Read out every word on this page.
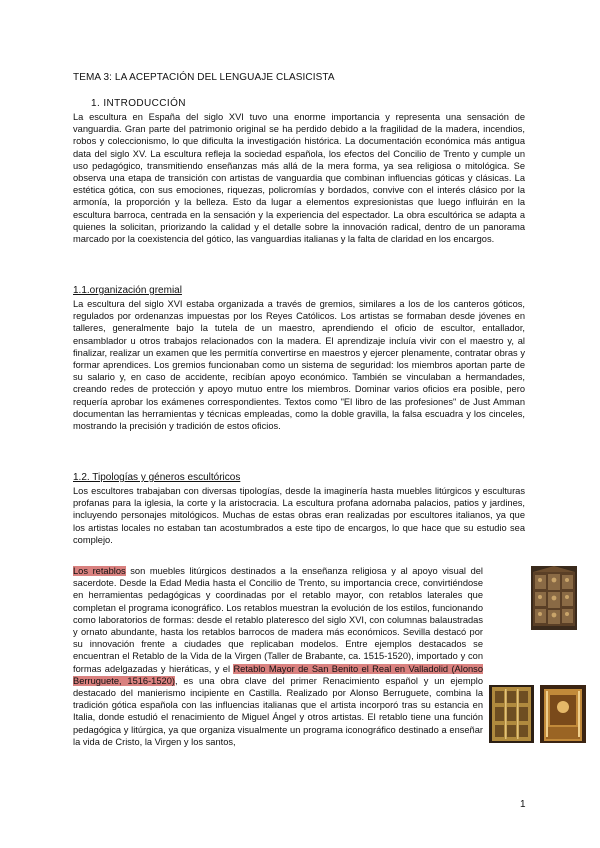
TEMA 3: LA ACEPTACIÓN DEL LENGUAJE CLASICISTA
1. INTRODUCCIÓN

La escultura en España del siglo XVI tuvo una enorme importancia y representa una sensación de vanguardia. Gran parte del patrimonio original se ha perdido debido a la fragilidad de la madera, incendios, robos y coleccionismo, lo que dificulta la investigación histórica. La documentación económica más antigua data del siglo XV. La escultura refleja la sociedad española, los efectos del Concilio de Trento y cumple un uso pedagógico, transmitiendo enseñanzas más allá de la mera forma, ya sea religiosa o mitológica. Se observa una etapa de transición con artistas de vanguardia que combinan influencias góticas y clásicas. La estética gótica, con sus emociones, riquezas, policromías y bordados, convive con el interés clásico por la armonía, la proporción y la belleza. Esto da lugar a elementos expresionistas que luego influirán en la escultura barroca, centrada en la sensación y la experiencia del espectador. La obra escultórica se adapta a quienes la solicitan, priorizando la calidad y el detalle sobre la innovación radical, dentro de un panorama marcado por la coexistencia del gótico, las vanguardias italianas y la falta de claridad en los encargos.

1.1.organización gremial

La escultura del siglo XVI estaba organizada a través de gremios, similares a los de los canteros góticos, regulados por ordenanzas impuestas por los Reyes Católicos. Los artistas se formaban desde jóvenes en talleres, generalmente bajo la tutela de un maestro, aprendiendo el oficio de escultor, entallador, ensamblador u otros trabajos relacionados con la madera. El aprendizaje incluía vivir con el maestro y, al finalizar, realizar un examen que les permitía convertirse en maestros y ejercer plenamente, contratar obras y formar aprendices. Los gremios funcionaban como un sistema de seguridad: los miembros aportan parte de su salario y, en caso de accidente, recibían apoyo económico. También se vinculaban a hermandades, creando redes de protección y apoyo mutuo entre los miembros. Dominar varios oficios era posible, pero requería aprobar los exámenes correspondientes. Textos como "El libro de las profesiones" de Just Amman documentan las herramientas y técnicas empleadas, como la doble gravilla, la falsa escuadra y los cinceles, mostrando la precisión y tradición de estos oficios.

1.2. Tipologías y géneros escultóricos

Los escultores trabajaban con diversas tipologías, desde la imaginería hasta muebles litúrgicos y esculturas profanas para la iglesia, la corte y la aristocracia. La escultura profana adornaba palacios, patios y jardines, incluyendo personajes mitológicos. Muchas de estas obras eran realizadas por escultores italianos, ya que los artistas locales no estaban tan acostumbrados a este tipo de encargos, lo que hace que su estudio sea complejo.

Los retablos son muebles litúrgicos destinados a la enseñanza religiosa y al apoyo visual del sacerdote. Desde la Edad Media hasta el Concilio de Trento, su importancia crece, convirtiéndose en herramientas pedagógicas y coordinadas por el retablo mayor, con retablos laterales que completan el programa iconográfico. Los retablos muestran la evolución de los estilos, funcionando como laboratorios de formas: desde el retablo plateresco del siglo XVI, con columnas balaustradas y ornato abundante, hasta los retablos barrocos de madera más económicos. Sevilla destacó por su innovación frente a ciudades que replicaban modelos. Entre ejemplos destacados se encuentran el Retablo de la Vida de la Virgen (Taller de Brabante, ca. 1515-1520), importado y con formas adelgazadas y hieráticas, y el Retablo Mayor de San Benito el Real en Valladolid (Alonso Berruguete, 1516-1520), es una obra clave del primer Renacimiento español y un ejemplo destacado del manierismo incipiente en Castilla. Realizado por Alonso Berruguete, combina la tradición gótica española con las influencias italianas que el artista incorporó tras su estancia en Italia, donde estudió el renacimiento de Miguel Ángel y otros artistas. El retablo tiene una función pedagógica y litúrgica, ya que organiza visualmente un programa iconográfico destinado a enseñar la vida de Cristo, la Virgen y los santos,

1
